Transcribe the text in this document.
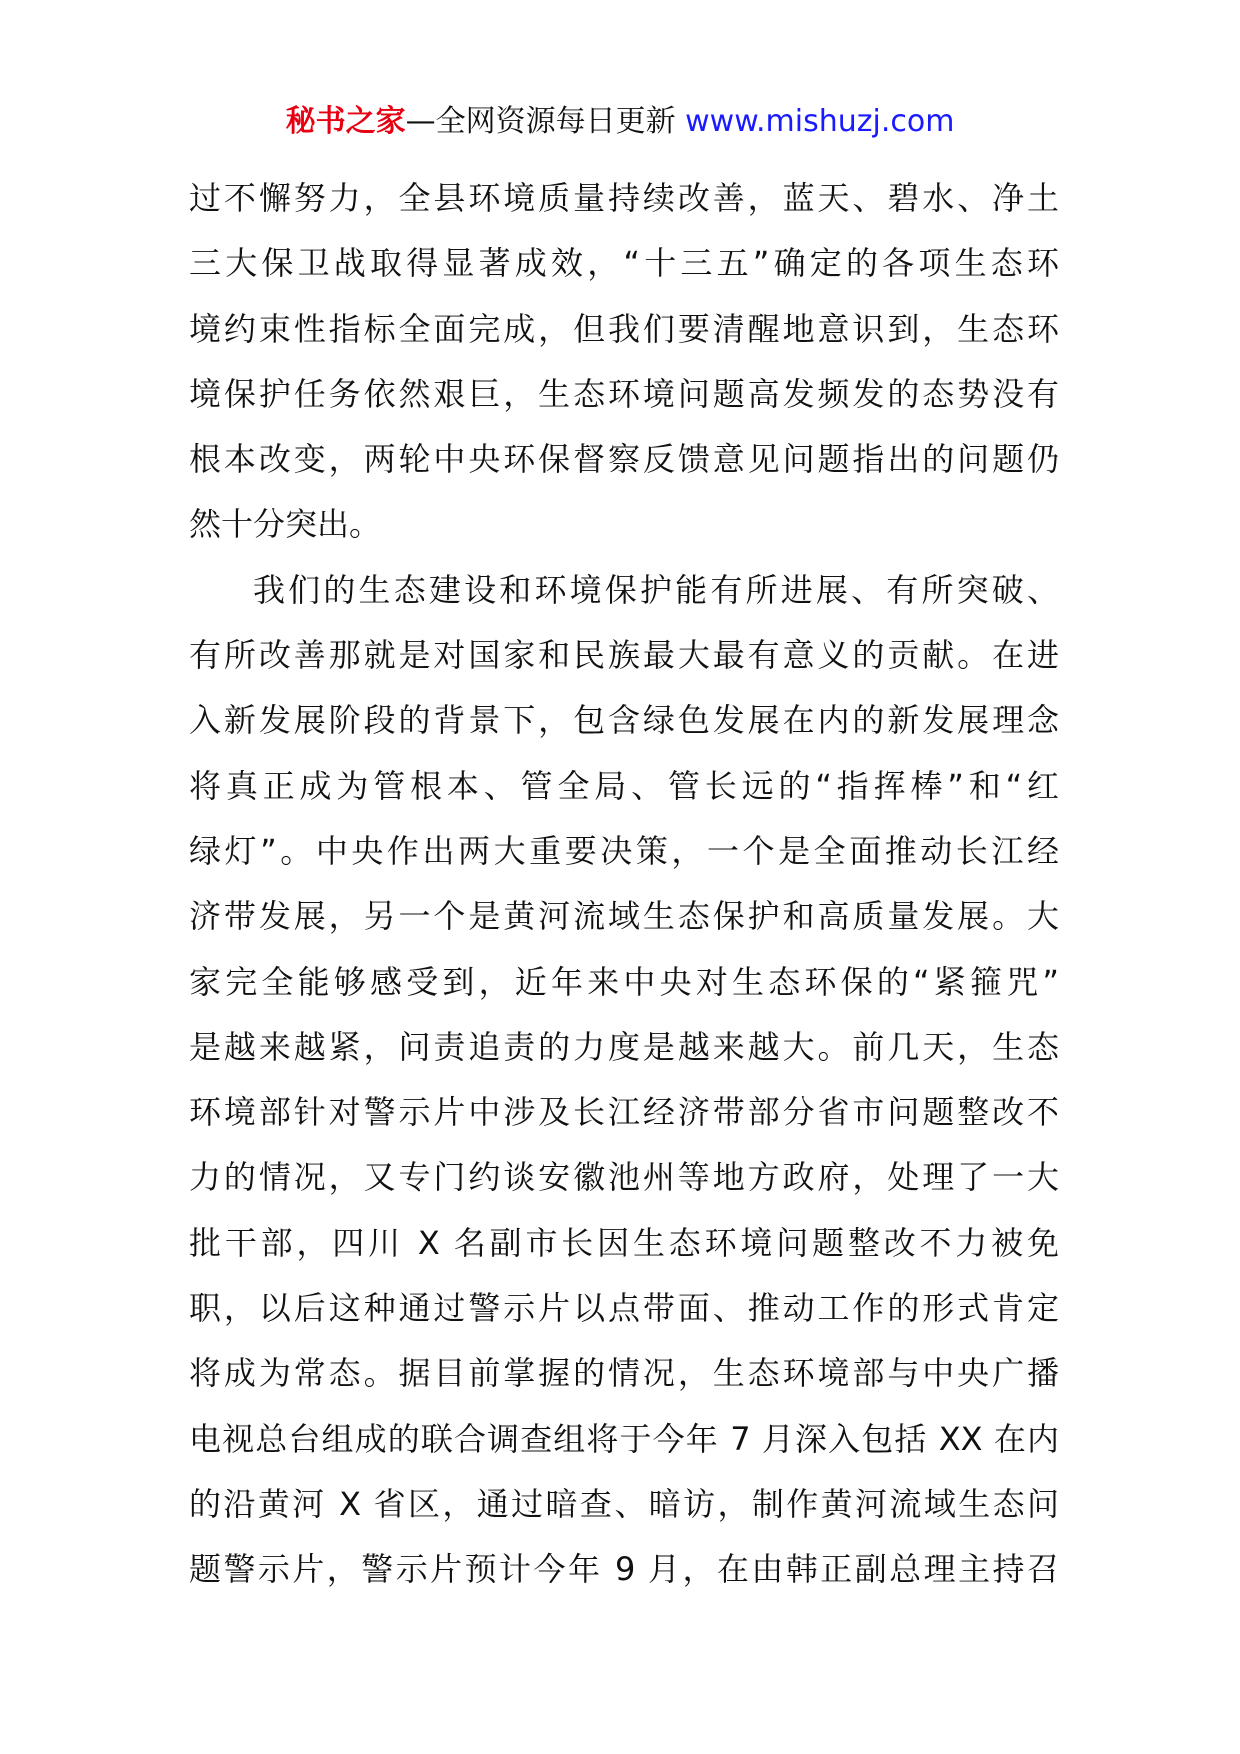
秘书之家—全网资源每日更新 www.mishuzj.com
过不懈努力，全县环境质量持续改善，蓝天、碧水、净土
三大保卫战取得显著成效，“十三五”确定的各项生态环
境约束性指标全面完成，但我们要清醒地意识到，生态环
境保护任务依然艰巨，生态环境问题高发频发的态势没有
根本改变，两轮中央环保督察反馈意见问题指出的问题仍
然十分突出。
我们的生态建设和环境保护能有所进展、有所突破、
有所改善那就是对国家和民族最大最有意义的贡献。在进
入新发展阶段的背景下，包含绿色发展在内的新发展理念
将真正成为管根本、管全局、管长远的“指挥棒”和“红
绿灯”。中央作出两大重要决策，一个是全面推动长江经
济带发展，另一个是黄河流域生态保护和高质量发展。大
家完全能够感受到，近年来中央对生态环保的“紧箍咒”
是越来越紧，问责追责的力度是越来越大。前几天，生态
环境部针对警示片中涉及长江经济带部分省市问题整改不
力的情况，又专门约谈安徽池州等地方政府，处理了一大
批干部，四川 X 名副市长因生态环境问题整改不力被免
职，以后这种通过警示片以点带面、推动工作的形式肯定
将成为常态。据目前掌握的情况，生态环境部与中央广播
电视总台组成的联合调查组将于今年 7 月深入包括 XX 在内
的沿黄河 X 省区，通过暗查、暗访，制作黄河流域生态问
题警示片，警示片预计今年 9 月，在由韩正副总理主持召
